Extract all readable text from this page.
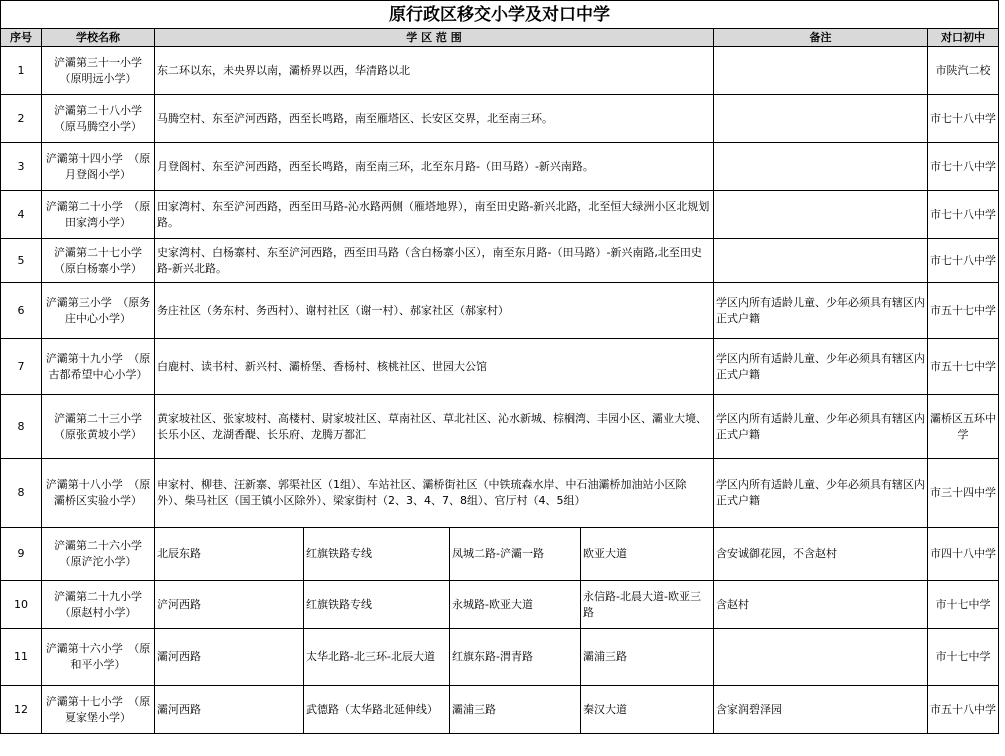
原行政区移交小学及对口中学							
序号	学校名称	学 区 范 围				备注	对口初中
1	浐灞第三十一小学（原明远小学）	东二环以东，未央界以南，灞桥界以西，华清路以北					市陕汽二校
2	浐灞第二十八小学（原马腾空小学）	马腾空村、东至浐河西路，西至长鸣路，南至雁塔区、长安区交界，北至南三环。					市七十八中学
3	浐灞第十四小学　（原月登阁小学）	月登阁村、东至浐河西路，西至长鸣路，南至南三环，北至东月路-（田马路）-新兴南路。					市七十八中学
4	浐灞第二十小学　（原田家湾小学）	田家湾村、东至浐河西路，西至田马路-沁水路两侧（雁塔地界），南至田史路-新兴北路，北至恒大绿洲小区北规划路。					市七十八中学
5	浐灞第二十七小学（原白杨寨小学）	史家湾村、白杨寨村、东至浐河西路，西至田马路（含白杨寨小区），南至东月路-（田马路）-新兴南路,北至田史路-新兴北路。					市七十八中学
6	浐灞第三小学　（原务庄中心小学）	务庄社区（务东村、务西村）、谢村社区（谢一村）、郝家社区（郝家村）				学区内所有适龄儿童、少年必须具有辖区内正式户籍	市五十七中学
7	浐灞第十九小学　（原古都希望中心小学）	白鹿村、读书村、新兴村、灞桥堡、香杨村、核桃社区、世园大公馆				学区内所有适龄儿童、少年必须具有辖区内正式户籍	市五十七中学
8	浐灞第二十三小学（原张黄坡小学）	黄家坡社区、张家坡村、高楼村、尉家坡社区、草南社区、草北社区、沁水新城、棕榈湾、丰园小区、灞业大境、长乐小区、龙湖香醍、长乐府、龙腾万都汇				学区内所有适龄儿童、少年必须具有辖区内正式户籍	灞桥区五环中学
8	浐灞第十八小学　（原灞桥区实验小学）	申家村、柳巷、汪新寨、郭渠社区（1组）、车站社区、灞桥街社区（中铁琉森水岸、中石油灞桥加油站小区除外）、柴马社区（国王镇小区除外）、梁家街村（2、3、4、7、8组）、官厅村（4、5组）				学区内所有适龄儿童、少年必须具有辖区内正式户籍	市三十四中学
9	浐灞第二十六小学（原浐沱小学）	北辰东路	红旗铁路专线	凤城二路-浐灞一路	欧亚大道	含安诚御花园，不含赵村	市四十八中学
10	浐灞第二十九小学（原赵村小学）	浐河西路	红旗铁路专线	永城路-欧亚大道	永信路-北晨大道-欧亚三路	含赵村	市十七中学
11	浐灞第十六小学　（原和平小学）	灞河西路	太华北路-北三环-北辰大道	红旗东路-渭青路	灞浦三路		市十七中学
12	浐灞第十七小学　（原夏家堡小学）	灞河西路	武德路（太华路北延伸线）	灞浦三路	秦汉大道	含家润碧泽园	市五十八中学
